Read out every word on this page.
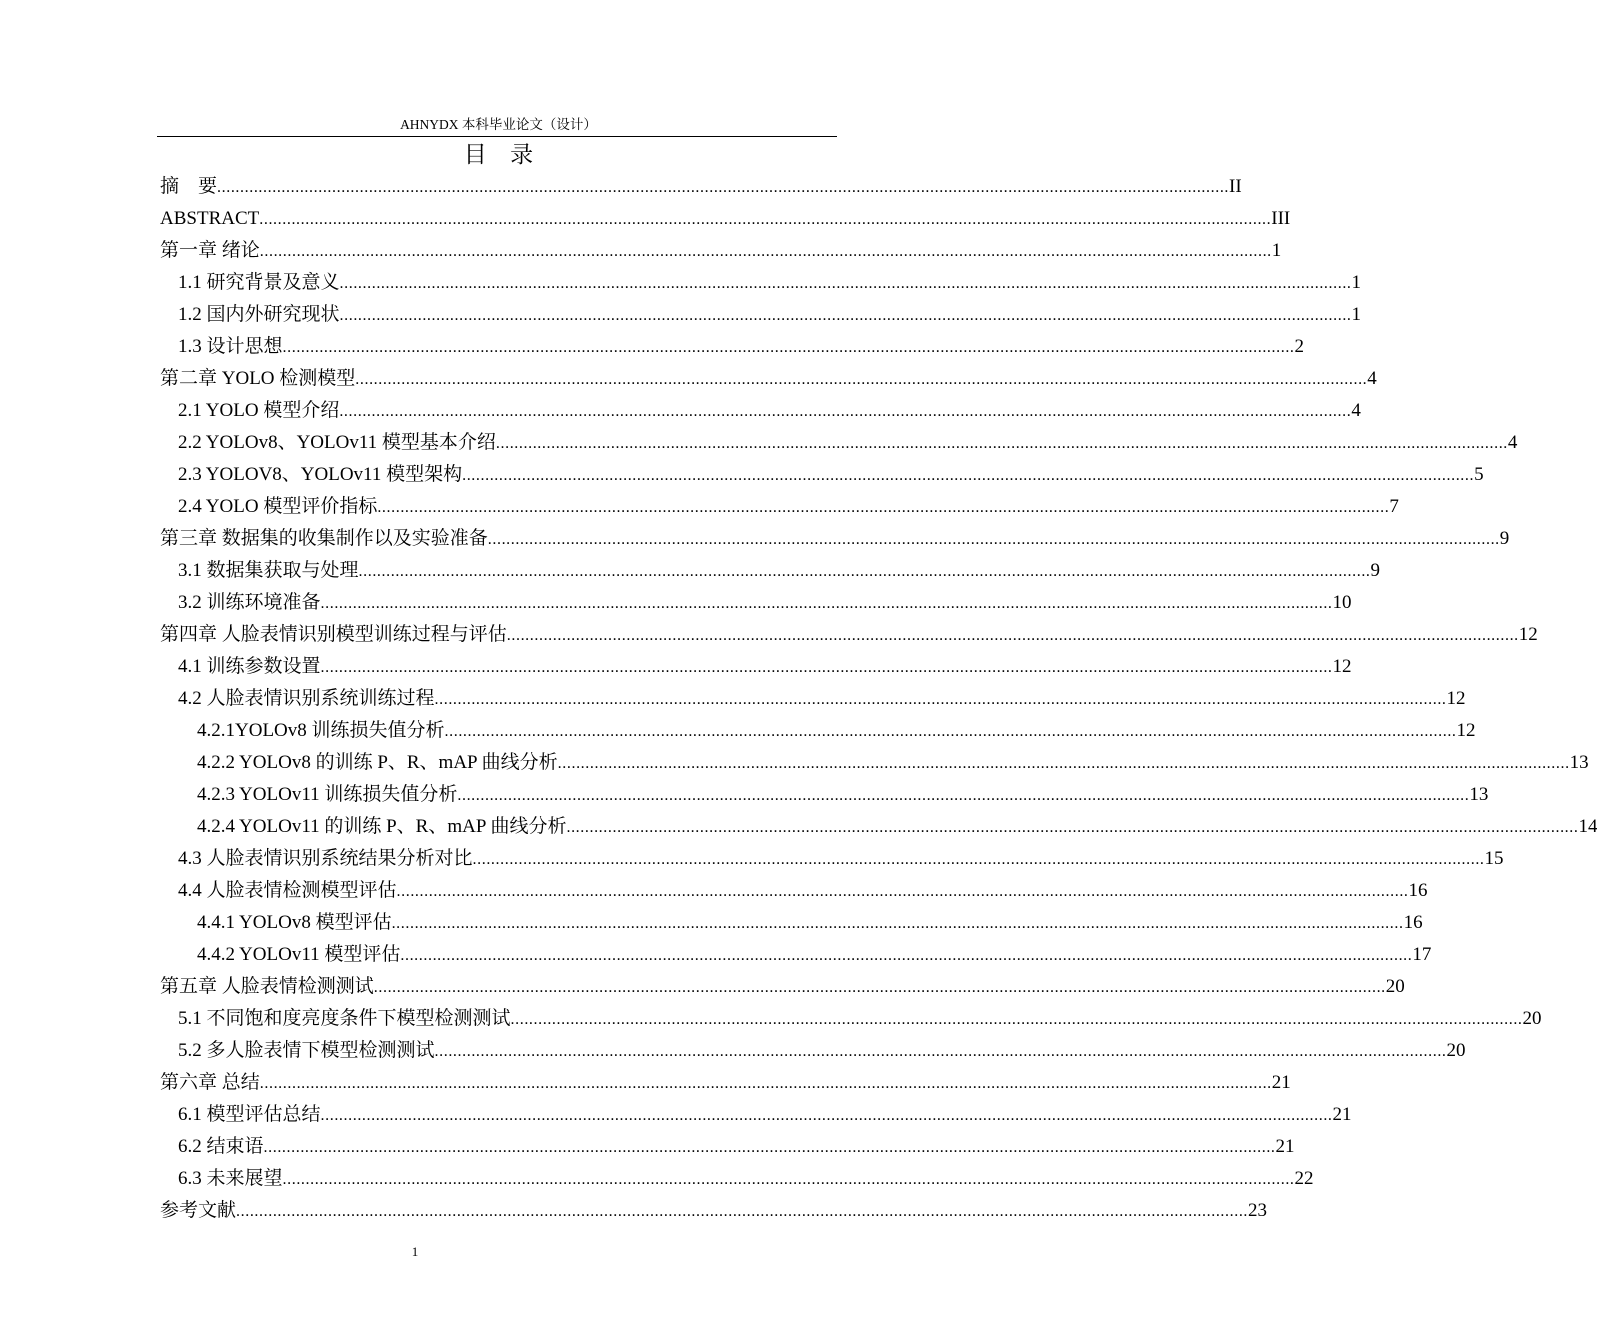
AHNYDX 本科毕业论文（设计）
目　录
摘　要 ............................................................................................................................................................................................................................ II
ABSTRACT ............................................................................................................................................................................................................................ III
第一章 绪论 ............................................................................................................................................................................................................................ 1
1.1 研究背景及意义 ............................................................................................................................................................................................................................ 1
1.2 国内外研究现状 ............................................................................................................................................................................................................................ 1
1.3 设计思想 ............................................................................................................................................................................................................................ 2
第二章 YOLO 检测模型 ............................................................................................................................................................................................................................ 4
2.1 YOLO 模型介绍 ............................................................................................................................................................................................................................ 4
2.2 YOLOv8、YOLOv11 模型基本介绍 ............................................................................................................................................................................................................................ 4
2.3 YOLOV8、YOLOv11 模型架构 ............................................................................................................................................................................................................................ 5
2.4 YOLO 模型评价指标 ............................................................................................................................................................................................................................ 7
第三章 数据集的收集制作以及实验准备 ............................................................................................................................................................................................................................ 9
3.1 数据集获取与处理 ............................................................................................................................................................................................................................ 9
3.2 训练环境准备 ............................................................................................................................................................................................................................ 10
第四章 人脸表情识别模型训练过程与评估 ............................................................................................................................................................................................................................ 12
4.1 训练参数设置 ............................................................................................................................................................................................................................ 12
4.2 人脸表情识别系统训练过程 ............................................................................................................................................................................................................................ 12
4.2.1YOLOv8 训练损失值分析 ............................................................................................................................................................................................................................ 12
4.2.2 YOLOv8 的训练 P、R、mAP 曲线分析 ............................................................................................................................................................................................................................ 13
4.2.3 YOLOv11 训练损失值分析 ............................................................................................................................................................................................................................ 13
4.2.4 YOLOv11 的训练 P、R、mAP 曲线分析 ............................................................................................................................................................................................................................ 14
4.3 人脸表情识别系统结果分析对比 ............................................................................................................................................................................................................................ 15
4.4 人脸表情检测模型评估 ............................................................................................................................................................................................................................ 16
4.4.1 YOLOv8 模型评估 ............................................................................................................................................................................................................................ 16
4.4.2 YOLOv11 模型评估 ............................................................................................................................................................................................................................ 17
第五章 人脸表情检测测试 ............................................................................................................................................................................................................................ 20
5.1 不同饱和度亮度条件下模型检测测试 ............................................................................................................................................................................................................................ 20
5.2 多人脸表情下模型检测测试 ............................................................................................................................................................................................................................ 20
第六章 总结 ............................................................................................................................................................................................................................ 21
6.1 模型评估总结 ............................................................................................................................................................................................................................ 21
6.2 结束语 ............................................................................................................................................................................................................................ 21
6.3 未来展望 ............................................................................................................................................................................................................................ 22
参考文献 ............................................................................................................................................................................................................................ 23
1
